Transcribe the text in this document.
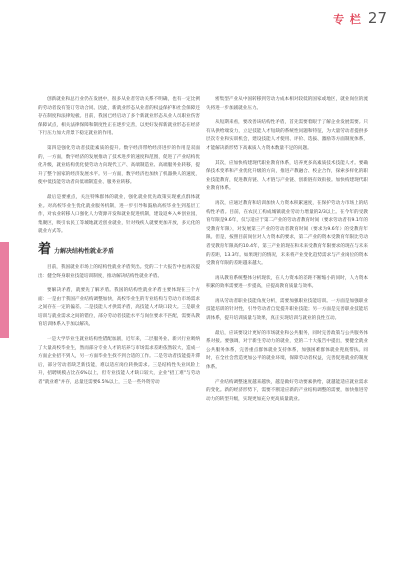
专 栏 27

创新就业和总行业仍在发展中，很多从业者劳动关系不明确，也有一定比例的劳动者没有签订劳动合同。因此，新就业形态从业者的权益保护和社会保障还存在制度和法律短板。目前，我国已经启动了多个新就业形态从业人员职业伤害保障试点，相关法律保障和制度性正在逐步完善，以更好发挥新就业形态在经济下行压力加大背景下稳定就业的作用。

第四是强化劳动者技能素质的提升。数字经济带给经济进步的作用是双面的，一方面，数字经济的发展推动了技术进步的速度和范围，促进了产业结构优化升级，就业结构优化使劳动力向现代工产、高端制造业、高端服务业转移，提升了整个国家的经济发展水平。另一方面，数字经济也加快了机器换人的速度，使中低技能劳动者向低端制造业、服务业转移。

最后是要重点，关注特殊群体的就业，强化就业优先政策实现重点群体就业。对高校毕业生优化就业服务机制，进一步引导和鼓励高校毕业生到基层工作，对农业转移人口强化人力资源开发和就业促进机制，建设返乡入乡创业园，集聚区，吸引农民工等城地就近创业就业，针对残疾人就要更加开放，多元化的就业方式等。

着 力解决结构性就业矛盾

目前，我国就业市场上的结构性就业矛盾突出。党的二十大报告中也再次提出：健全终身职业技能培训制度，推动解决结构性就业矛盾。

要解决矛盾，就要先了解矛盾。我国的结构性就业矛盾主要体现在三个方面：一是由于我国产业结构调整加快，高校毕业生的专业结构与劳动力市场需求之间存在一定的偏差。二是技能人才供需矛盾，高技能人才缺口较大。三是职业培训与就业需求之间的错位，部分劳动者技能水平与岗位要求不匹配，需要从教育培训体系入手加以解决。

一是大学毕业生就业结构性错配加剧，近年来，二层服务业、新兴行业吸纳了大量高校毕业生，然而部分专业人才的培养与市场需求差距依然较大，造成一方面企业招不到人，另一方面毕业生找不到合适的工作。二是劳动者技能提升滞后，部分劳动者缺乏新技能，难以适应岗位转换需求。三是结构性失业风险上升，招聘规模占比在6%以上，但专业技能人才缺口较大，企业"招工难"与劳动者"就业难"并存，总量还需要6.5%以上，三是一些外资劳动

密集型产业从中国转移到劳动力成本相对较低的国家或地区，就业岗位的流失将进一步加剧就业压力。

从短期来看，要改善该结构性矛盾，首先需要着眼于了解企业发展需要。只有从供给端发力，立足技能人才短缺的系统性问题和特征，为大量劳动者提供多层次专业和实训机会，建设技能人才使用、评价、选拔、激励等方面制度体系，才能解决新形势下高素质人力资本数量不足的问题。

其次，应加快构建现代职业教育体系，培养更多高素质技术技能人才。要确保技术变革和产业优化升级的方向，推进产教融合、校企合作，探索多样化的职业技能教育，促进教育链、人才链与产业链、创新链有效衔接。加快构建现代职业教育体系。

再次，应通过教育和培训加快人力资本积累速度，在保护劳动力市场上的结构性矛盾。目前，在农民工构成城镇就业劳动力增量的2/3以上。在今年的受教育年限是9.6年，仅与适应于第二产业的劳动者教育时间（要求劳动者有9.1年的受教育年限），对发展第三产业的劳动者教育时间（要求为9.6年）的受教育年限。但是，按照目前岗位对人力资本的要求，第二产业的资本受教育年限比劳动者受教育年限高约10.4年，第三产业的现在和未来受教育年限要求的现在与未来的差距，13.3年。如果现行的情况，未来将产业变化趋势需求与产业岗位的资本受教育年限的差距越来越大。

再从教育系统整体分析现状，在人力资本的差距不断缩小的同时，人力资本积累的效率需要进一步提高，应提高教育质量与效率。

再从劳动者职业技能角度分析，需要加强职业技能培训。一方面是加强职业技能培训的针对性，引导劳动者自觉提升职业技能；另一方面是完善职业技能培训体系，提升培训质量与效果，真正实现培训与就业的良性互动。

最后，应该要设计更好的市场就业和公共服务，同时完善政策与公共服务体系对接。要强调，对于新生劳动力的就业，党的二十大报告中提出，要健全就业公共服务体系，完善重点群体就业支持体系，加强困难群体就业兜底帮扶。同时，在全社会营造更加公平的就业环境，保障劳动者权益，完善促进就业的制度体系。

产业结构调整速度越来越快，越是做好劳动要素供给，就越能适应就业需求的变化。新的经济形势下，需要不断适应新的产业结构调整的需要，加快推进劳动力的转型升级，实现更加充分更高质量就业。
